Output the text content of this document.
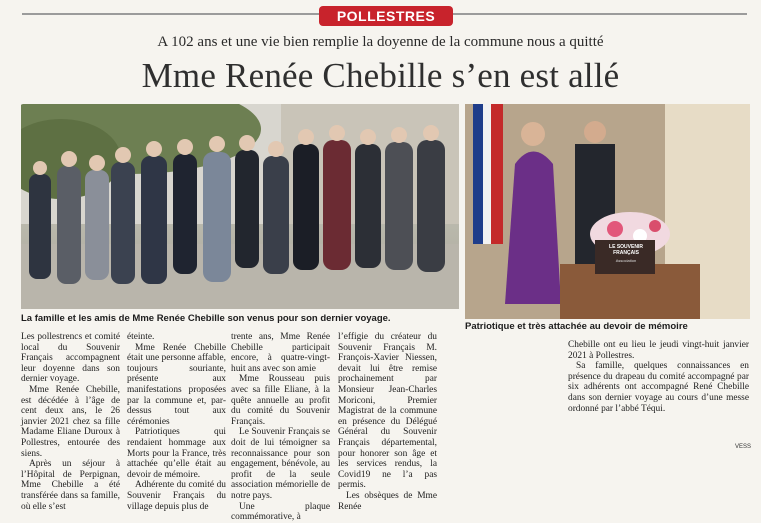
POLLESTRES
A 102 ans et une vie bien remplie la doyenne de la commune nous a quitté
Mme Renée Chebille s’en est allé
La famille et les amis de Mme Renée Chebille son venus pour son dernier voyage.
LE SOUVENIR FRANÇAIS
Association
Patriotique et très attachée au devoir de mémoire

Les pollestrencs et comité local du Souvenir Français accompagnent leur doyenne dans son dernier voyage.

Mme Renée Chebille, est décédée à l’âge de cent deux ans, le 26 janvier 2021 chez sa fille Madame Eliane Duroux à Pollestres, entourée des siens.

Après un séjour à l’Hôpital de Perpignan, Mme Chebille a été transférée dans sa famille, où elle s’est

éteinte.

Mme Renée Chebille était une personne affable, toujours souriante, présente aux manifestations proposées par la commune et, par-dessus tout aux cérémonies

Patriotiques qui rendaient hommage aux Morts pour la France, très attachée qu’elle était au devoir de mémoire.

Adhérente du comité du Souvenir Français du village depuis plus de

trente ans, Mme Renée Chebille participait encore, à quatre-vingt-huit ans avec son amie

Mme Rousseau puis avec sa fille Eliane, à la quête annuelle au profit du comité du Souvenir Français.

Le Souvenir Français se doit de lui témoigner sa reconnaissance pour son engagement, bénévole, au profit de la seule association mémorielle de notre pays.

Une plaque commémorative, à

l’effigie du créateur du Souvenir Français M. François-Xavier Niessen, devait lui être remise prochainement par Monsieur Jean-Charles Moriconi, Premier Magistrat de la commune en présence du Délégué Général du Souvenir Français départemental, pour honorer son âge et les services rendus, la Covid19 ne l’a pas permis.

Les obsèques de Mme Renée

Chebille ont eu lieu le jeudi vingt-huit janvier 2021 à Pollestres.

Sa famille, quelques connaissances en présence du drapeau du comité accompagné par six adhérents ont accompagné René Chebille dans son dernier voyage au cours d’une messe ordonné par l’abbé Téqui.

VESS
